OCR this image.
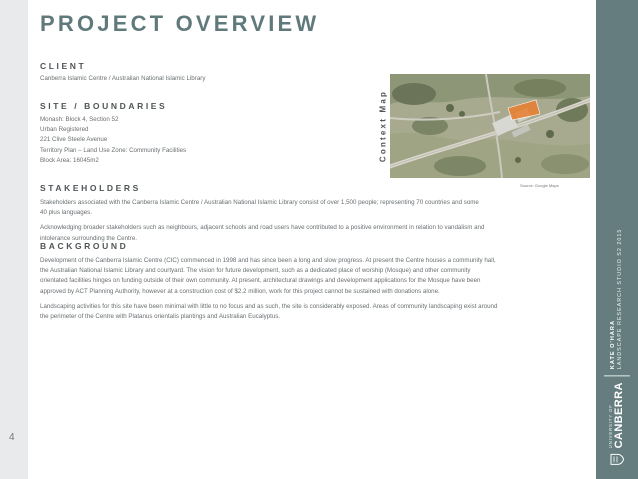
4
PROJECT OVERVIEW
CLIENT
Canberra Islamic Centre / Australian National Islamic Library
SITE / BOUNDARIES
Monash: Block 4, Section 52
Urban Registered
221 Clive Steele Avenue
Territory Plan – Land Use Zone: Community Facilities
Block Area: 16045m2	Context Map
Source: Google Maps
STAKEHOLDERS

Stakeholders associated with the Canberra Islamic Centre / Australian National Islamic Library consist of over 1,500 people; representing 70 countries and some
40 plus languages.

Acknowledging broader stakeholders such as neighbours, adjacent schools and road users have contributed to a positive environment in relation to vandalism and
intolerance surrounding the Centre.

BACKGROUND

Development of the Canberra Islamic Centre (CIC) commenced in 1998 and has since been a long and slow progress. At present the Centre houses a community hall,
the Australian National Islamic Library and courtyard. The vision for future development, such as a dedicated place of worship (Mosque) and other community
orientated facilities hinges on funding outside of their own community. At present, architectural drawings and development applications for the Mosque have been
approved by ACT Planning Authority, however at a construction cost of $2.2 million, work for this project cannot be sustained with donations alone.

Landscaping activities for this site have been minimal with little to no focus and as such, the site is considerably exposed. Areas of community landscaping exist around
the perimeter of the Centre with Platanus orientalis plantings and Australian Eucalyptus.

UNIVERSITY OF CANBERRA
KATE O'HARA LANDSCAPE RESEARCH STUDIO S2 2015
